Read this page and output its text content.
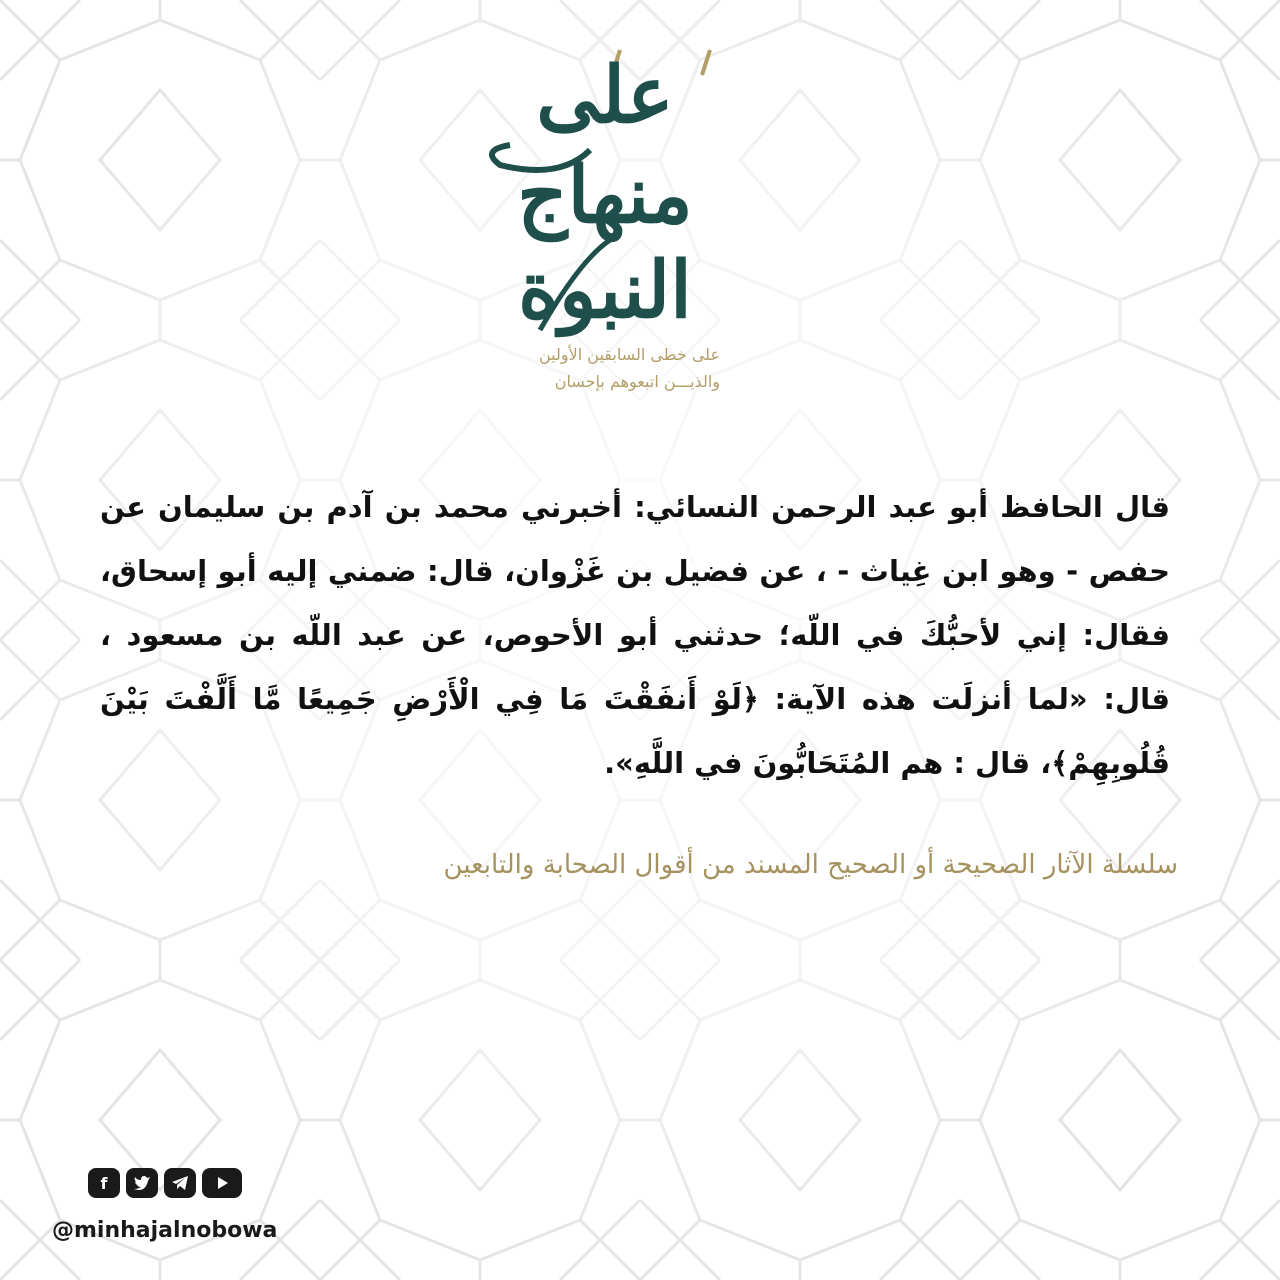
على
منهاج
النبوة
على خطى السابقين الأولين
والذيـــن اتبعوهم بإحسان
قال الحافظ أبو عبد الرحمن النسائي: أخبرني محمد بن آدم بن سليمان عن حفص - وهو ابن غِياث - ، عن فضيل بن غَزْوان، قال: ضمني إليه أبو إسحاق، فقال: إني لأحبُّكَ في اللّه؛ حدثني أبو الأحوص، عن عبد اللّه بن مسعود ، قال: «لما أنزلَت هذه الآية: ﴿لَوْ أَنفَقْتَ مَا فِي الْأَرْضِ جَمِيعًا مَّا أَلَّفْتَ بَيْنَ قُلُوبِهِمْ﴾، قال : هم المُتَحَابُّونَ في اللَّهِ».
سلسلة الآثار الصحيحة أو الصحيح المسند من أقوال الصحابة والتابعين
f
@minhajalnobowa
